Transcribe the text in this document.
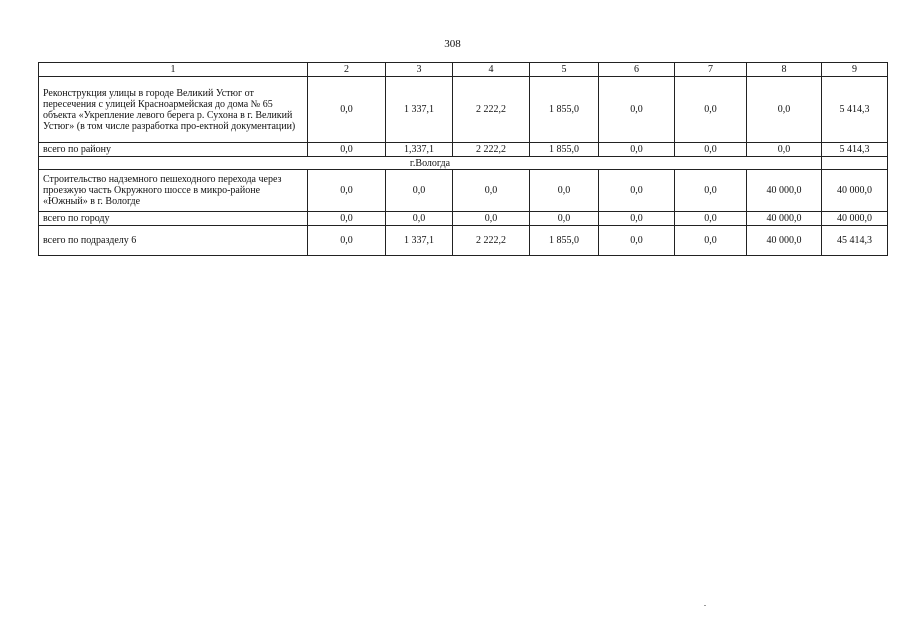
308
1	2	3	4	5	6	7	8	9
Реконструкция улицы в городе Великий Устюг от пересечения с улицей Красноармейская до дома № 65 объекта «Укрепление левого берега р. Сухона в г. Великий Устюг» (в том числе разработка про-ектной документации)	0,0	1 337,1	2 222,2	1 855,0	0,0	0,0	0,0	5 414,3
всего по району	0,0	1,337,1	2 222,2	1 855,0	0,0	0,0	0,0	5 414,3
г.Вологда								
Строительство надземного пешеходного перехода через проезжую часть Окружного шоссе в микро-районе «Южный» в г. Вологде	0,0	0,0	0,0	0,0	0,0	0,0	40 000,0	40 000,0
всего по городу	0,0	0,0	0,0	0,0	0,0	0,0	40 000,0	40 000,0
всего по подразделу 6	0,0	1 337,1	2 222,2	1 855,0	0,0	0,0	40 000,0	45 414,3
